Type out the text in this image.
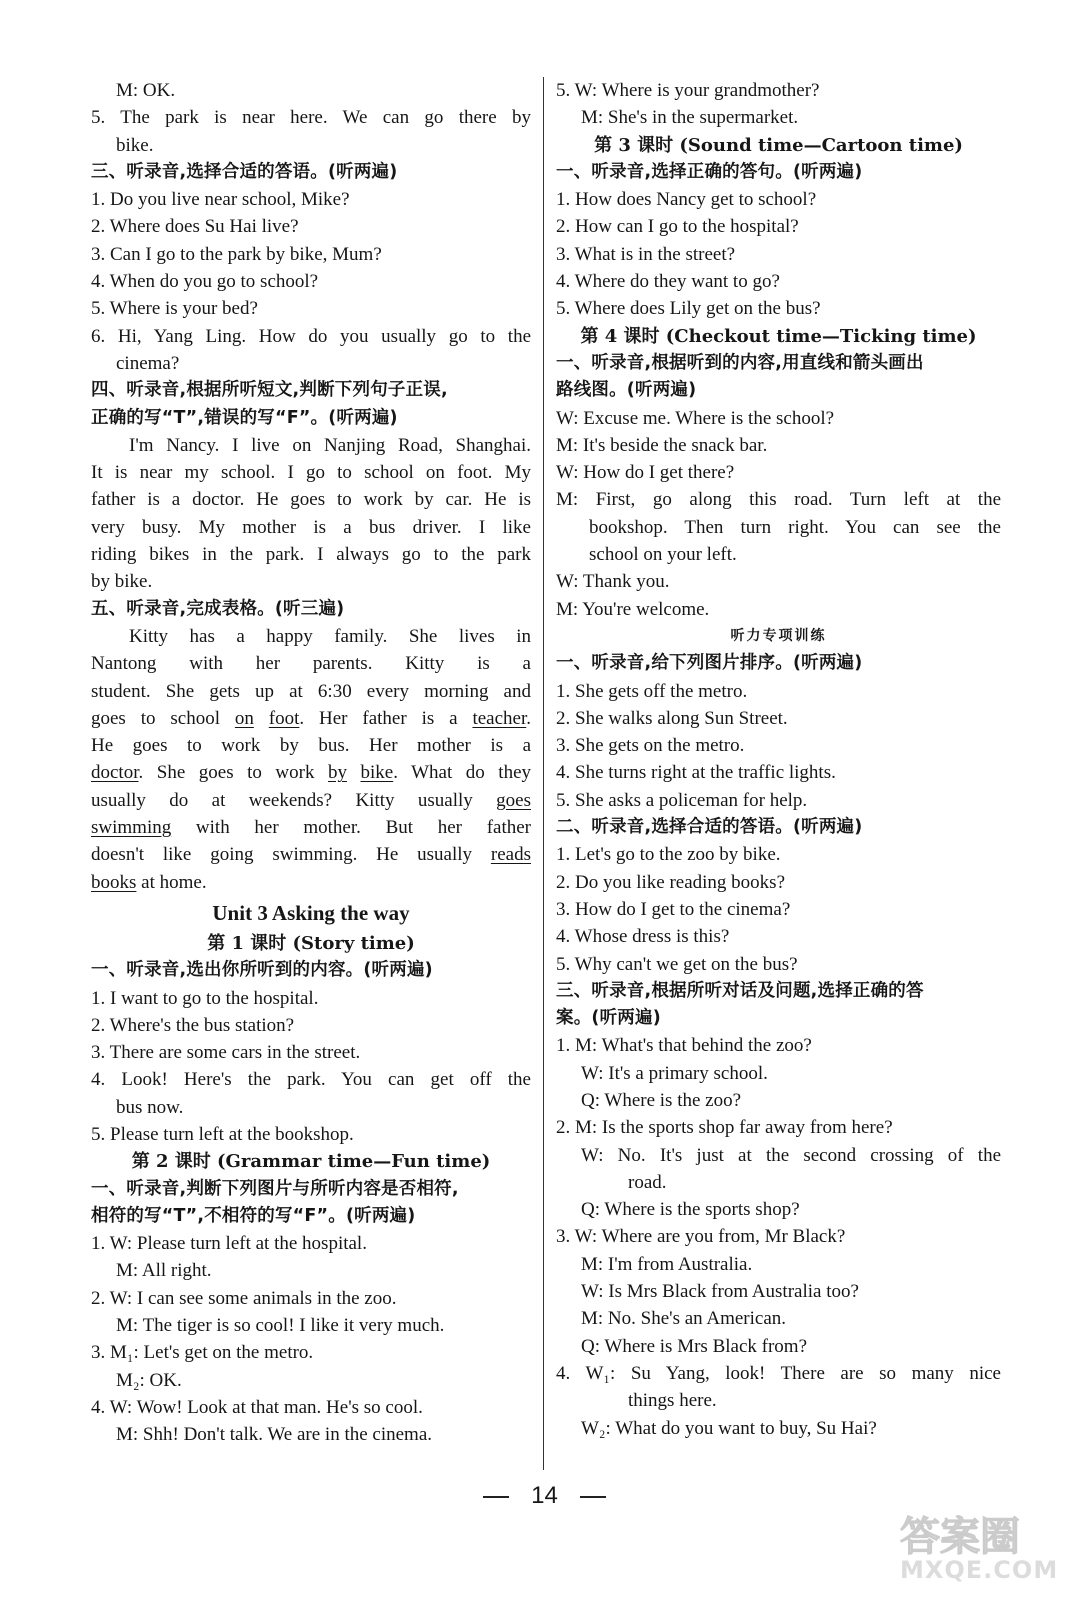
M: OK.
5. The park is near here. We can go there by
bike.
三、听录音,选择合适的答语。(听两遍)
1. Do you live near school, Mike?
2. Where does Su Hai live?
3. Can I go to the park by bike, Mum?
4. When do you go to school?
5. Where is your bed?
6. Hi, Yang Ling. How do you usually go to the
cinema?
四、听录音,根据所听短文,判断下列句子正误,
正确的写“T”,错误的写“F”。(听两遍)
I'm Nancy. I live on Nanjing Road, Shanghai.
It is near my school. I go to school on foot. My
father is a doctor. He goes to work by car. He is
very busy. My mother is a bus driver. I like
riding bikes in the park. I always go to the park
by bike.
五、听录音,完成表格。(听三遍)
Kitty has a happy family. She lives in
Nantong with her parents. Kitty is a
student. She gets up at 6:30 every morning and
goes to school on foot. Her father is a teacher.
He goes to work by bus. Her mother is a
doctor. She goes to work by bike. What do they
usually do at weekends? Kitty usually goes
swimming with her mother. But her father
doesn't like going swimming. He usually reads
books at home.
Unit 3 Asking the way
第 1 课时 (Story time)
一、听录音,选出你所听到的内容。(听两遍)
1. I want to go to the hospital.
2. Where's the bus station?
3. There are some cars in the street.
4. Look! Here's the park. You can get off the
bus now.
5. Please turn left at the bookshop.
第 2 课时 (Grammar time—Fun time)
一、听录音,判断下列图片与所听内容是否相符,
相符的写“T”,不相符的写“F”。(听两遍)
1. W: Please turn left at the hospital.
M: All right.
2. W: I can see some animals in the zoo.
M: The tiger is so cool! I like it very much.
3. M₁: Let's get on the metro.
M₂: OK.
4. W: Wow! Look at that man. He's so cool.
M: Shh! Don't talk. We are in the cinema.
5. W: Where is your grandmother?
M: She's in the supermarket.
第 3 课时 (Sound time—Cartoon time)
一、听录音,选择正确的答句。(听两遍)
1. How does Nancy get to school?
2. How can I go to the hospital?
3. What is in the street?
4. Where do they want to go?
5. Where does Lily get on the bus?
第 4 课时 (Checkout time—Ticking time)
一、听录音,根据听到的内容,用直线和箭头画出
路线图。(听两遍)
W: Excuse me. Where is the school?
M: It's beside the snack bar.
W: How do I get there?
M: First, go along this road. Turn left at the
bookshop. Then turn right. You can see the
school on your left.
W: Thank you.
M: You're welcome.
听力专项训练
一、听录音,给下列图片排序。(听两遍)
1. She gets off the metro.
2. She walks along Sun Street.
3. She gets on the metro.
4. She turns right at the traffic lights.
5. She asks a policeman for help.
二、听录音,选择合适的答语。(听两遍)
1. Let's go to the zoo by bike.
2. Do you like reading books?
3. How do I get to the cinema?
4. Whose dress is this?
5. Why can't we get on the bus?
三、听录音,根据所听对话及问题,选择正确的答
案。(听两遍)
1. M: What's that behind the zoo?
W: It's a primary school.
Q: Where is the zoo?
2. M: Is the sports shop far away from here?
W: No. It's just at the second crossing of the
road.
Q: Where is the sports shop?
3. W: Where are you from, Mr Black?
M: I'm from Australia.
W: Is Mrs Black from Australia too?
M: No. She's an American.
Q: Where is Mrs Black from?
4. W₁: Su Yang, look! There are so many nice
things here.
W₂: What do you want to buy, Su Hai?
14
答案圈
MXQE.COM
